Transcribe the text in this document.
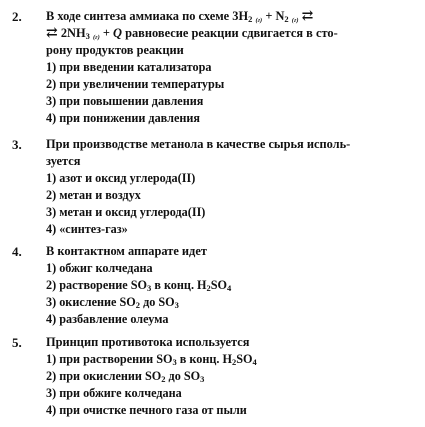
2. В ходе синтеза аммиака по схеме $3H_2$ $(г) + N_2$ (г) ⇄
⇄ $2NH_3$ (г) + Q равновесие реакции сдвигается в сто-
рону продуктов реакции
1) при введении катализатора
2) при увеличении температуры
3) при повышении давления
4) при понижении давления
3. При производстве метанола в качестве сырья исполь-
зуется
1) азот и оксид углерода(II)
2) метан и воздух
3) метан и оксид углерода(II)
4) «синтез-газ»
4. В контактном аппарате идет
1) обжиг колчедана
2) растворение $SO_3$ в конц. $H_2SO_4$
3) окисление $SO_2$ до $SO_3$
4) разбавление олеума
5. Принцип противотока используется
1) при растворении $SO_3$ в конц. $H_2SO_4$
2) при окислении $SO_2$ до $SO_3$
3) при обжиге колчедана
4) при очистке печного газа от пыли
